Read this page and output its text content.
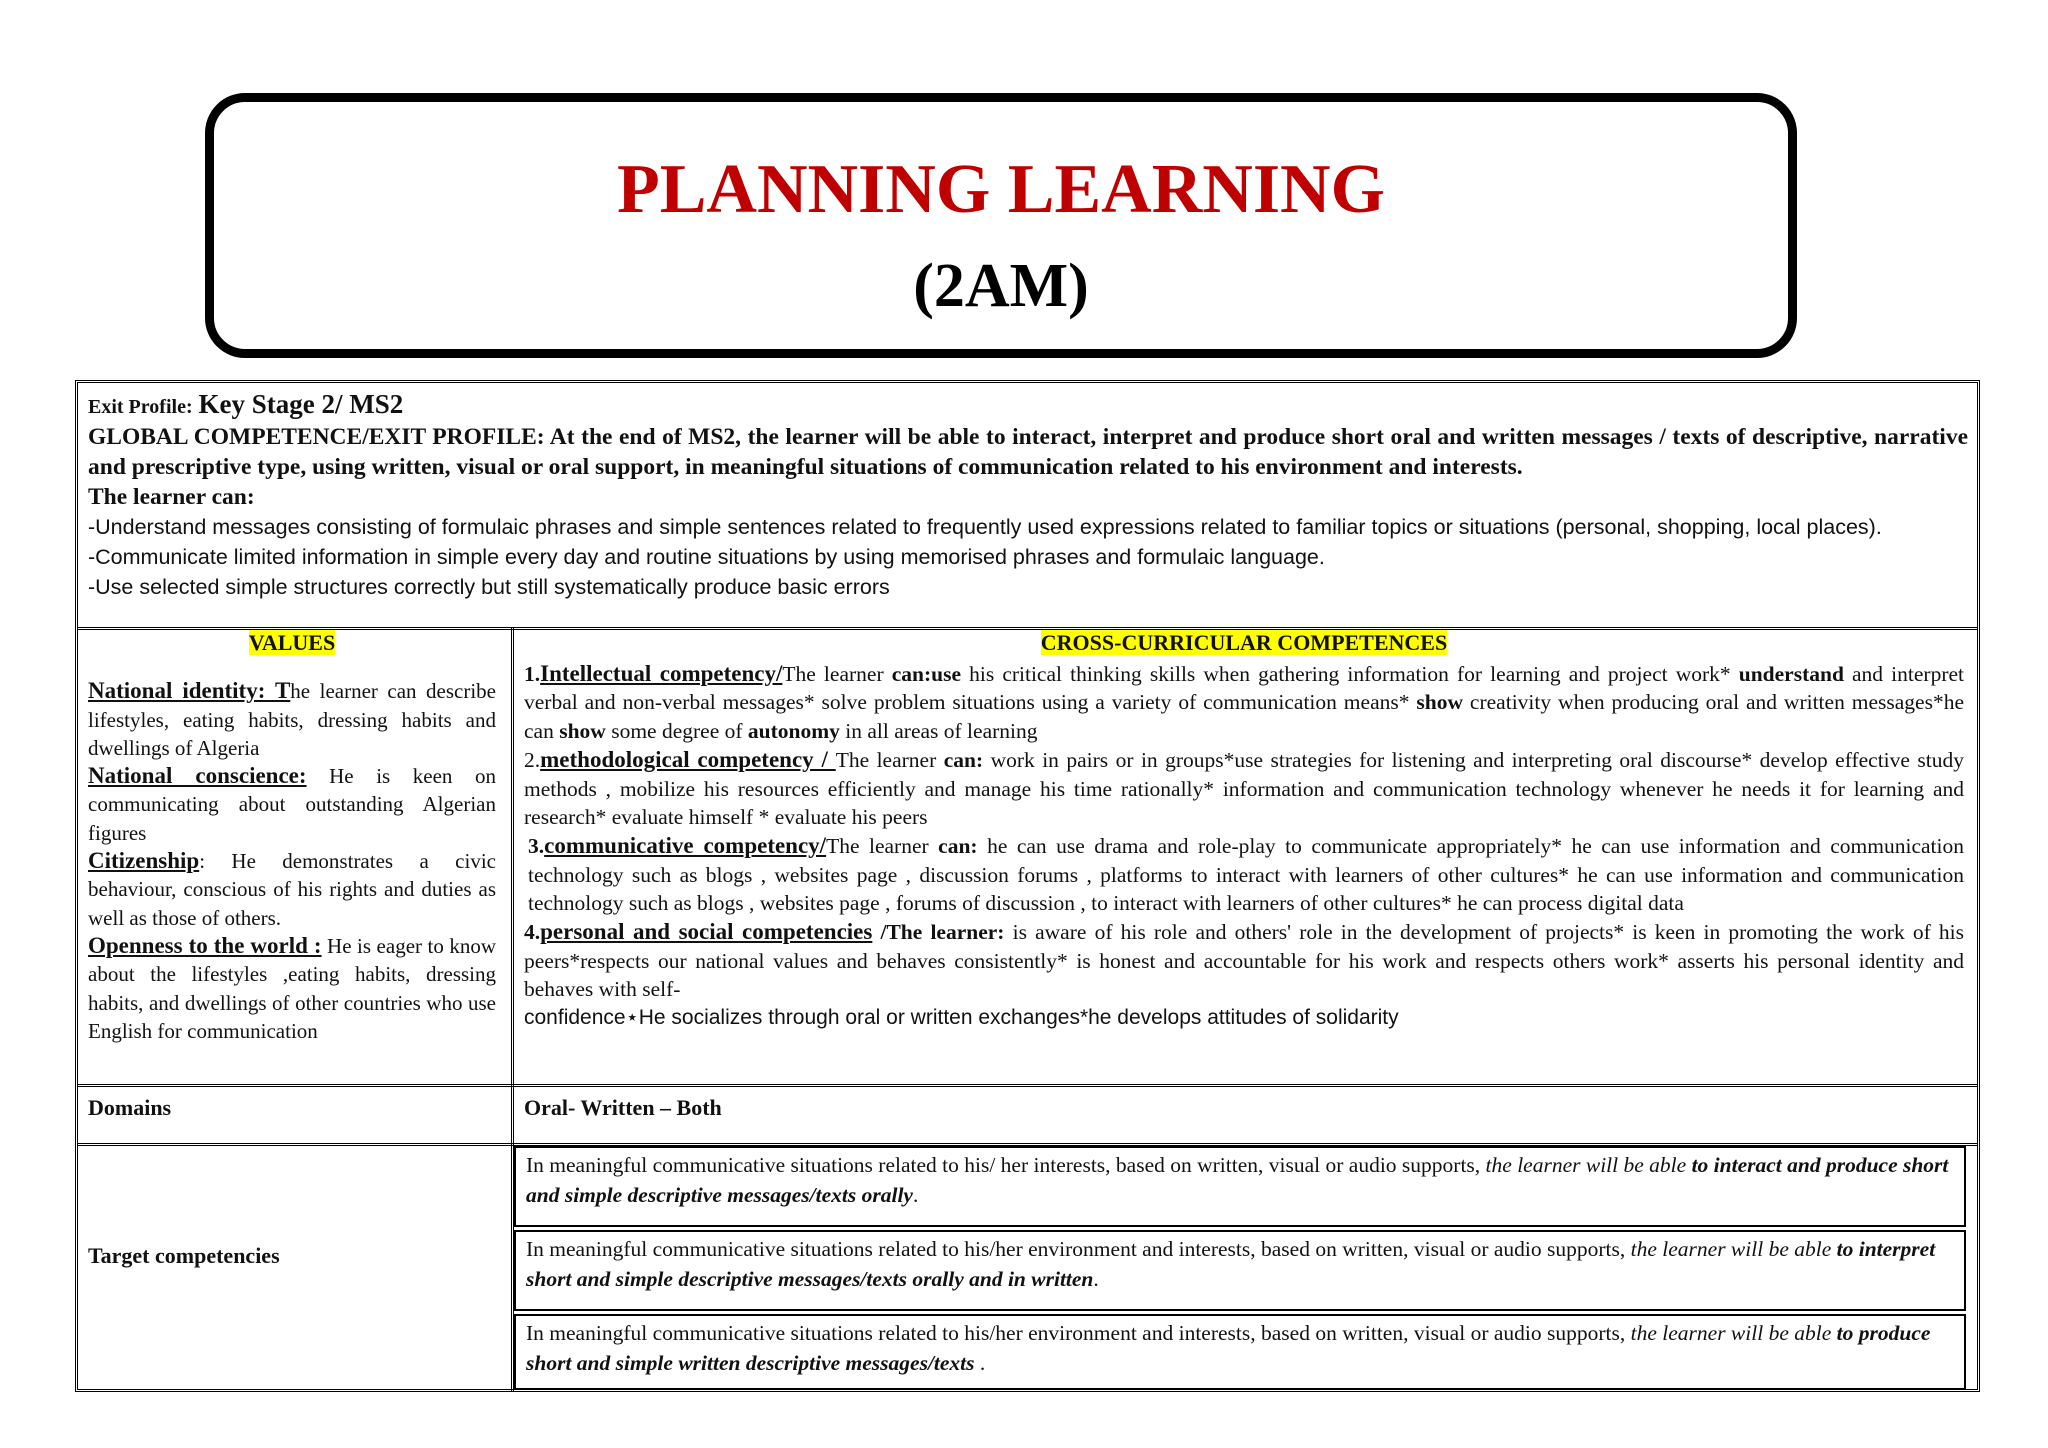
PLANNING LEARNING
(2AM)
Exit Profile: Key Stage 2/ MS2
GLOBAL COMPETENCE/EXIT PROFILE: At the end of MS2, the learner will be able to interact, interpret and produce short oral and written messages / texts of descriptive, narrative and prescriptive type, using written, visual or oral support, in meaningful situations of communication related to his environment and interests.
The learner can:
-Understand messages consisting of formulaic phrases and simple sentences related to frequently used expressions related to familiar topics or situations (personal, shopping, local places).
-Communicate limited information in simple every day and routine situations by using memorised phrases and formulaic language.
-Use selected simple structures correctly but still systematically produce basic errors
VALUES
National identity: The learner can describe lifestyles, eating habits, dressing habits and dwellings of Algeria
National conscience: He is keen on communicating about outstanding Algerian figures
Citizenship: He demonstrates a civic behaviour, conscious of his rights and duties as well as those of others.
Openness to the world : He is eager to know about the lifestyles ,eating habits, dressing habits, and dwellings of other countries who use English for communication
CROSS-CURRICULAR COMPETENCES
1.Intellectual competency/The learner can:use his critical thinking skills when gathering information for learning and project work* understand and interpret verbal and non-verbal messages* solve problem situations using a variety of communication means* show creativity when producing oral and written messages*he can show some degree of autonomy in all areas of learning
2.methodological competency / The learner can: work in pairs or in groups*use strategies for listening and interpreting oral discourse* develop effective study methods , mobilize his resources efficiently and manage his time rationally* information and communication technology whenever he needs it for learning and research* evaluate himself * evaluate his peers
3.communicative competency/The learner can: he can use drama and role-play to communicate appropriately* he can use information and communication technology such as blogs , websites page , discussion forums , platforms to interact with learners of other cultures* he can use information and communication technology such as blogs , websites page , forums of discussion , to interact with learners of other cultures* he can process digital data
4.personal and social competencies /The learner: is aware of his role and others' role in the development of projects* is keen in promoting the work of his peers*respects our national values and behaves consistently* is honest and accountable for his work and respects others work* asserts his personal identity and behaves with self-
confidence⋆He socializes through oral or written exchanges*he develops attitudes of solidarity
Domains	Oral- Written – Both
Target competencies
In meaningful communicative situations related to his/ her interests, based on written, visual or audio supports, the learner will be able to interact and produce short and simple descriptive messages/texts orally.
In meaningful communicative situations related to his/her environment and interests, based on written, visual or audio supports, the learner will be able to interpret short and simple descriptive messages/texts orally and in written.
In meaningful communicative situations related to his/her environment and interests, based on written, visual or audio supports, the learner will be able to produce short and simple written descriptive messages/texts .
